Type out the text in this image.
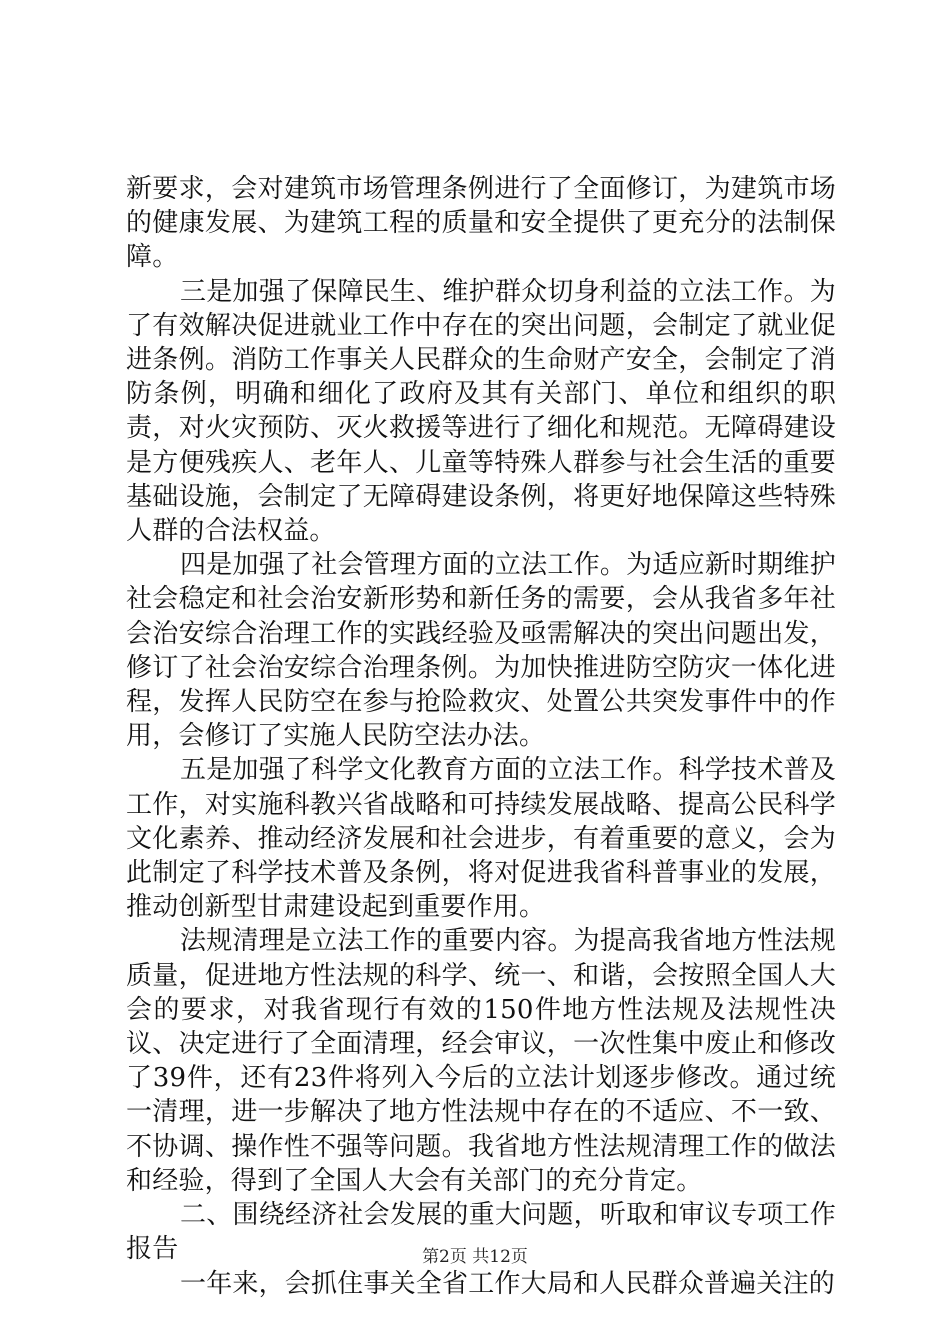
新要求，会对建筑市场管理条例进行了全面修订，为建筑市场的健康发展、为建筑工程的质量和安全提供了更充分的法制保障。

三是加强了保障民生、维护群众切身利益的立法工作。为了有效解决促进就业工作中存在的突出问题，会制定了就业促进条例。消防工作事关人民群众的生命财产安全，会制定了消防条例，明确和细化了政府及其有关部门、单位和组织的职责，对火灾预防、灭火救援等进行了细化和规范。无障碍建设是方便残疾人、老年人、儿童等特殊人群参与社会生活的重要基础设施，会制定了无障碍建设条例，将更好地保障这些特殊人群的合法权益。

四是加强了社会管理方面的立法工作。为适应新时期维护社会稳定和社会治安新形势和新任务的需要，会从我省多年社会治安综合治理工作的实践经验及亟需解决的突出问题出发，修订了社会治安综合治理条例。为加快推进防空防灾一体化进程，发挥人民防空在参与抢险救灾、处置公共突发事件中的作用，会修订了实施人民防空法办法。

五是加强了科学文化教育方面的立法工作。科学技术普及工作，对实施科教兴省战略和可持续发展战略、提高公民科学文化素养、推动经济发展和社会进步，有着重要的意义，会为此制定了科学技术普及条例，将对促进我省科普事业的发展，推动创新型甘肃建设起到重要作用。

法规清理是立法工作的重要内容。为提高我省地方性法规质量，促进地方性法规的科学、统一、和谐，会按照全国人大会的要求，对我省现行有效的150件地方性法规及法规性决议、决定进行了全面清理，经会审议，一次性集中废止和修改了39件，还有23件将列入今后的立法计划逐步修改。通过统一清理，进一步解决了地方性法规中存在的不适应、不一致、不协调、操作性不强等问题。我省地方性法规清理工作的做法和经验，得到了全国人大会有关部门的充分肯定。

二、围绕经济社会发展的重大问题，听取和审议专项工作报告

一年来，会抓住事关全省工作大局和人民群众普遍关注的

第2页 共12页
